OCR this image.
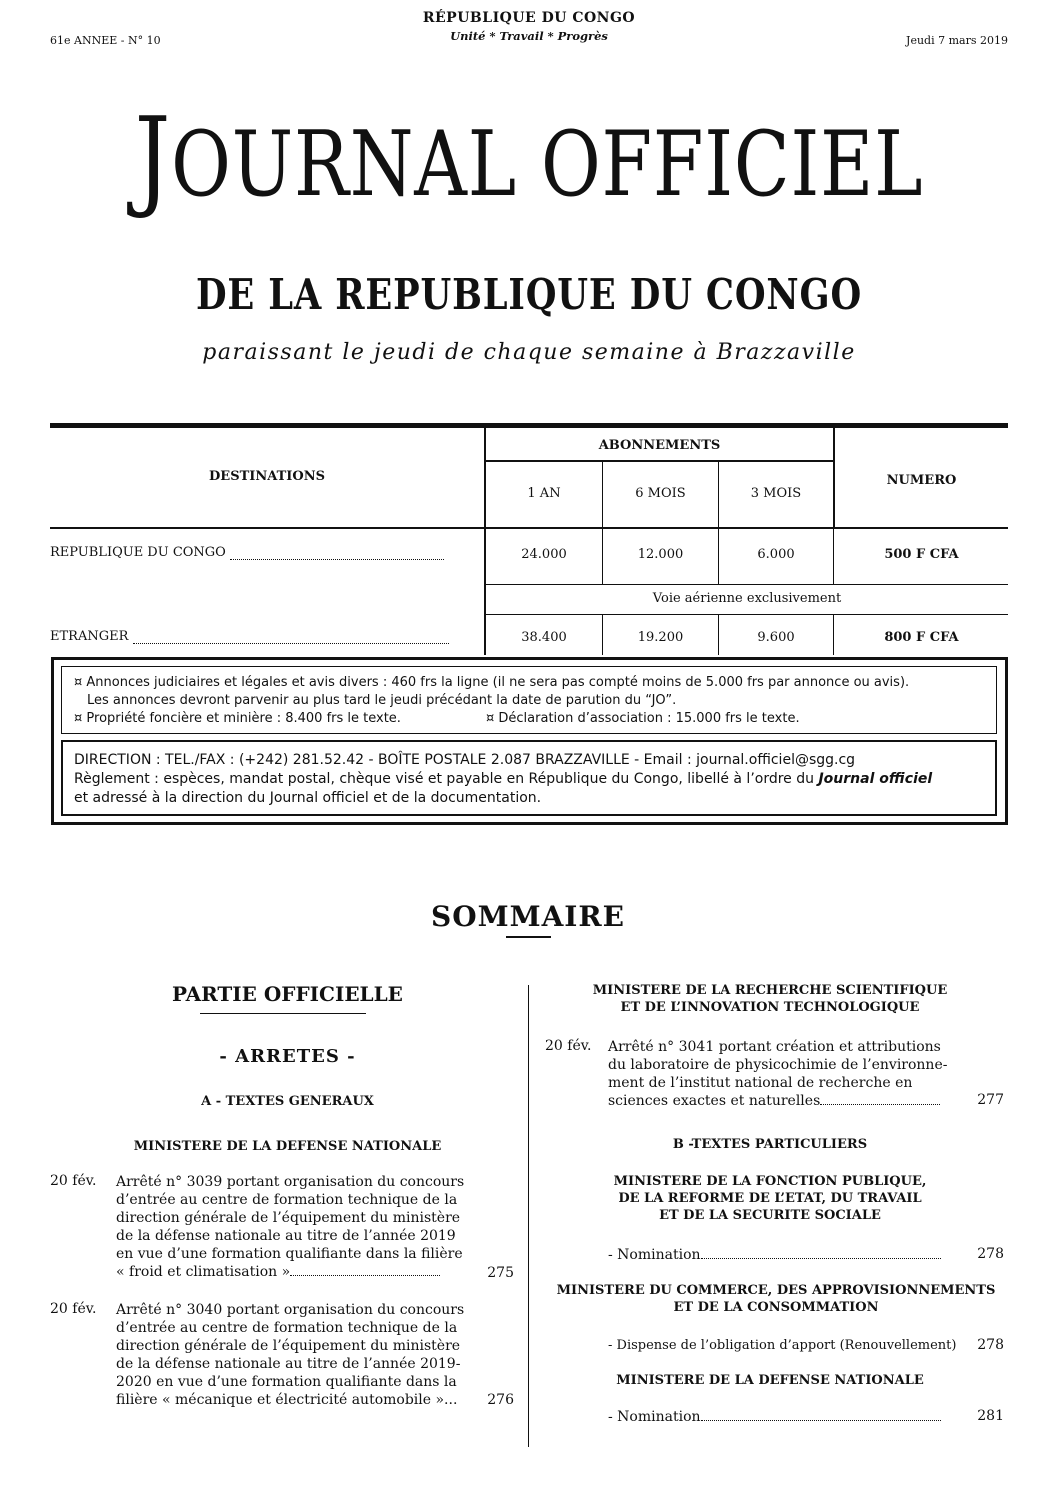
61e ANNEE - N° 10
RÉPUBLIQUE DU CONGO
Unité * Travail * Progrès	Jeudi 7 mars 2019
JOURNAL OFFICIEL
DE LA REPUBLIQUE DU CONGO
paraissant le jeudi de chaque semaine à Brazzaville
DESTINATIONS
ABONNEMENTS
NUMERO
1 AN	6 MOIS	3 MOIS
REPUBLIQUE DU CONGO	24.000	12.000	6.000	500 F CFA
Voie aérienne exclusivement
ETRANGER	38.400	19.200	9.600	800 F CFA
¤ Annonces judiciaires et légales et avis divers : 460 frs la ligne (il ne sera pas compté moins de 5.000 frs par annonce ou avis).
Les annonces devront parvenir au plus tard le jeudi précédant la date de parution du “JO”.
¤ Propriété foncière et minière : 8.400 frs le texte.	¤ Déclaration d’association : 15.000 frs le texte.
DIRECTION : TEL./FAX : (+242) 281.52.42 - BOÎTE POSTALE 2.087 BRAZZAVILLE - Email : journal.officiel@sgg.cg
Règlement : espèces, mandat postal, chèque visé et payable en République du Congo, libellé à l’ordre du Journal officiel
et adressé à la direction du Journal officiel et de la documentation.
SOMMAIRE
PARTIE OFFICIELLE
- ARRETES -
A - TEXTES GENERAUX
MINISTERE DE LA DEFENSE NATIONALE
20 fév. Arrêté n° 3039 portant organisation du concours
d’entrée au centre de formation technique de la
direction générale de l’équipement du ministère
de la défense nationale au titre de l’année 2019
en vue d’une formation qualifiante dans la filière
« froid et climatisation »	275
20 fév. Arrêté n° 3040 portant organisation du concours
d’entrée au centre de formation technique de la
direction générale de l’équipement du ministère
de la défense nationale au titre de l’année 2019-
2020 en vue d’une formation qualifiante dans la
filière « mécanique et électricité automobile »...	276
MINISTERE DE LA RECHERCHE SCIENTIFIQUE
ET DE L’INNOVATION TECHNOLOGIQUE
20 fév. Arrêté n° 3041 portant création et attributions
du laboratoire de physicochimie de l’environne-
ment de l’institut national de recherche en
sciences exactes et naturelles	277
B -TEXTES PARTICULIERS
MINISTERE DE LA FONCTION PUBLIQUE,
DE LA REFORME DE L’ETAT, DU TRAVAIL
ET DE LA SECURITE SOCIALE
- Nomination	278
MINISTERE DU COMMERCE, DES APPROVISIONNEMENTS
ET DE LA CONSOMMATION
- Dispense de l’obligation d’apport (Renouvellement)	278
MINISTERE DE LA DEFENSE NATIONALE
- Nomination	281
